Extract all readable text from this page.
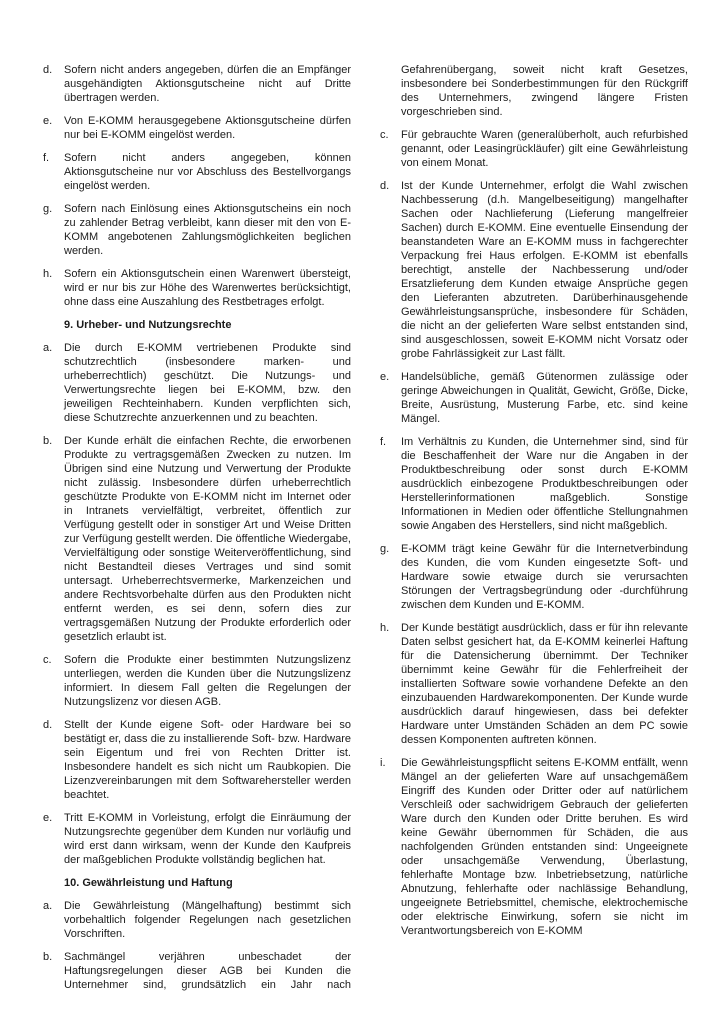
d.	Sofern nicht anders angegeben, dürfen die an Empfänger ausgehändigten Aktionsgutscheine nicht auf Dritte übertragen werden.
e.	Von E-KOMM herausgegebene Aktionsgutscheine dürfen nur bei E-KOMM eingelöst werden.
f.	Sofern nicht anders angegeben, können Aktionsgutscheine nur vor Abschluss des Bestellvorgangs eingelöst werden.
g.	Sofern nach Einlösung eines Aktionsgutscheins ein noch zu zahlender Betrag verbleibt, kann dieser mit den von E-KOMM angebotenen Zahlungsmöglichkeiten beglichen werden.
h.	Sofern ein Aktionsgutschein einen Warenwert übersteigt, wird er nur bis zur Höhe des Warenwertes berücksichtigt, ohne dass eine Auszahlung des Restbetrages erfolgt.
9. Urheber- und Nutzungsrechte
a.	Die durch E-KOMM vertriebenen Produkte sind schutzrechtlich (insbesondere marken- und urheberrechtlich) geschützt. Die Nutzungs- und Verwertungsrechte liegen bei E-KOMM, bzw. den jeweiligen Rechteinhabern. Kunden verpflichten sich, diese Schutzrechte anzuerkennen und zu beachten.
b.	Der Kunde erhält die einfachen Rechte, die erworbenen Produkte zu vertragsgemäßen Zwecken zu nutzen. Im Übrigen sind eine Nutzung und Verwertung der Produkte nicht zulässig. Insbesondere dürfen urheberrechtlich geschützte Produkte von E-KOMM nicht im Internet oder in Intranets vervielfältigt, verbreitet, öffentlich zur Verfügung gestellt oder in sonstiger Art und Weise Dritten zur Verfügung gestellt werden. Die öffentliche Wiedergabe, Vervielfältigung oder sonstige Weiterveröffentlichung, sind nicht Bestandteil dieses Vertrages und sind somit untersagt. Urheberrechtsvermerke, Markenzeichen und andere Rechtsvorbehalte dürfen aus den Produkten nicht entfernt werden, es sei denn, sofern dies zur vertragsgemäßen Nutzung der Produkte erforderlich oder gesetzlich erlaubt ist.
c.	Sofern die Produkte einer bestimmten Nutzungslizenz unterliegen, werden die Kunden über die Nutzungslizenz informiert. In diesem Fall gelten die Regelungen der Nutzungslizenz vor diesen AGB.
d.	Stellt der Kunde eigene Soft- oder Hardware bei so bestätigt er, dass die zu installierende Soft- bzw. Hardware sein Eigentum und frei von Rechten Dritter ist. Insbesondere handelt es sich nicht um Raubkopien. Die Lizenzvereinbarungen mit dem Softwarehersteller werden beachtet.
e.	Tritt E-KOMM in Vorleistung, erfolgt die Einräumung der Nutzungsrechte gegenüber dem Kunden nur vorläufig und wird erst dann wirksam, wenn der Kunde den Kaufpreis der maßgeblichen Produkte vollständig beglichen hat.
10. Gewährleistung und Haftung
a.	Die Gewährleistung (Mängelhaftung) bestimmt sich vorbehaltlich folgender Regelungen nach gesetzlichen Vorschriften.
b.	Sachmängel verjähren unbeschadet der Haftungsregelungen dieser AGB bei Kunden die Unternehmer sind, grundsätzlich ein Jahr nach
Gefahrenübergang, soweit nicht kraft Gesetzes, insbesondere bei Sonderbestimmungen für den Rückgriff des Unternehmers, zwingend längere Fristen vorgeschrieben sind.
c.	Für gebrauchte Waren (generalüberholt, auch refurbished genannt, oder Leasingrückläufer) gilt eine Gewährleistung von einem Monat.
d.	Ist der Kunde Unternehmer, erfolgt die Wahl zwischen Nachbesserung (d.h. Mangelbeseitigung) mangelhafter Sachen oder Nachlieferung (Lieferung mangelfreier Sachen) durch E-KOMM. Eine eventuelle Einsendung der beanstandeten Ware an E-KOMM muss in fachgerechter Verpackung frei Haus erfolgen. E-KOMM ist ebenfalls berechtigt, anstelle der Nachbesserung und/oder Ersatzlieferung dem Kunden etwaige Ansprüche gegen den Lieferanten abzutreten. Darüberhinausgehende Gewährleistungsansprüche, insbesondere für Schäden, die nicht an der gelieferten Ware selbst entstanden sind, sind ausgeschlossen, soweit E-KOMM nicht Vorsatz oder grobe Fahrlässigkeit zur Last fällt.
e.	Handelsübliche, gemäß Gütenormen zulässige oder geringe Abweichungen in Qualität, Gewicht, Größe, Dicke, Breite, Ausrüstung, Musterung Farbe, etc. sind keine Mängel.
f.	Im Verhältnis zu Kunden, die Unternehmer sind, sind für die Beschaffenheit der Ware nur die Angaben in der Produktbeschreibung oder sonst durch E-KOMM ausdrücklich einbezogene Produktbeschreibungen oder Herstellerinformationen maßgeblich. Sonstige Informationen in Medien oder öffentliche Stellungnahmen sowie Angaben des Herstellers, sind nicht maßgeblich.
g.	E-KOMM trägt keine Gewähr für die Internetverbindung des Kunden, die vom Kunden eingesetzte Soft- und Hardware sowie etwaige durch sie verursachten Störungen der Vertragsbegründung oder -durchführung zwischen dem Kunden und E-KOMM.
h.	Der Kunde bestätigt ausdrücklich, dass er für ihn relevante Daten selbst gesichert hat, da E-KOMM keinerlei Haftung für die Datensicherung übernimmt. Der Techniker übernimmt keine Gewähr für die Fehlerfreiheit der installierten Software sowie vorhandene Defekte an den einzubauenden Hardwarekomponenten. Der Kunde wurde ausdrücklich darauf hingewiesen, dass bei defekter Hardware unter Umständen Schäden an dem PC sowie dessen Komponenten auftreten können.
i.	Die Gewährleistungspflicht seitens E-KOMM entfällt, wenn Mängel an der gelieferten Ware auf unsachgemäßem Eingriff des Kunden oder Dritter oder auf natürlichem Verschleiß oder sachwidrigem Gebrauch der gelieferten Ware durch den Kunden oder Dritte beruhen. Es wird keine Gewähr übernommen für Schäden, die aus nachfolgenden Gründen entstanden sind: Ungeeignete oder unsachgemäße Verwendung, Überlastung, fehlerhafte Montage bzw. Inbetriebsetzung, natürliche Abnutzung, fehlerhafte oder nachlässige Behandlung, ungeeignete Betriebsmittel, chemische, elektrochemische oder elektrische Einwirkung, sofern sie nicht im Verantwortungsbereich von E-KOMM
